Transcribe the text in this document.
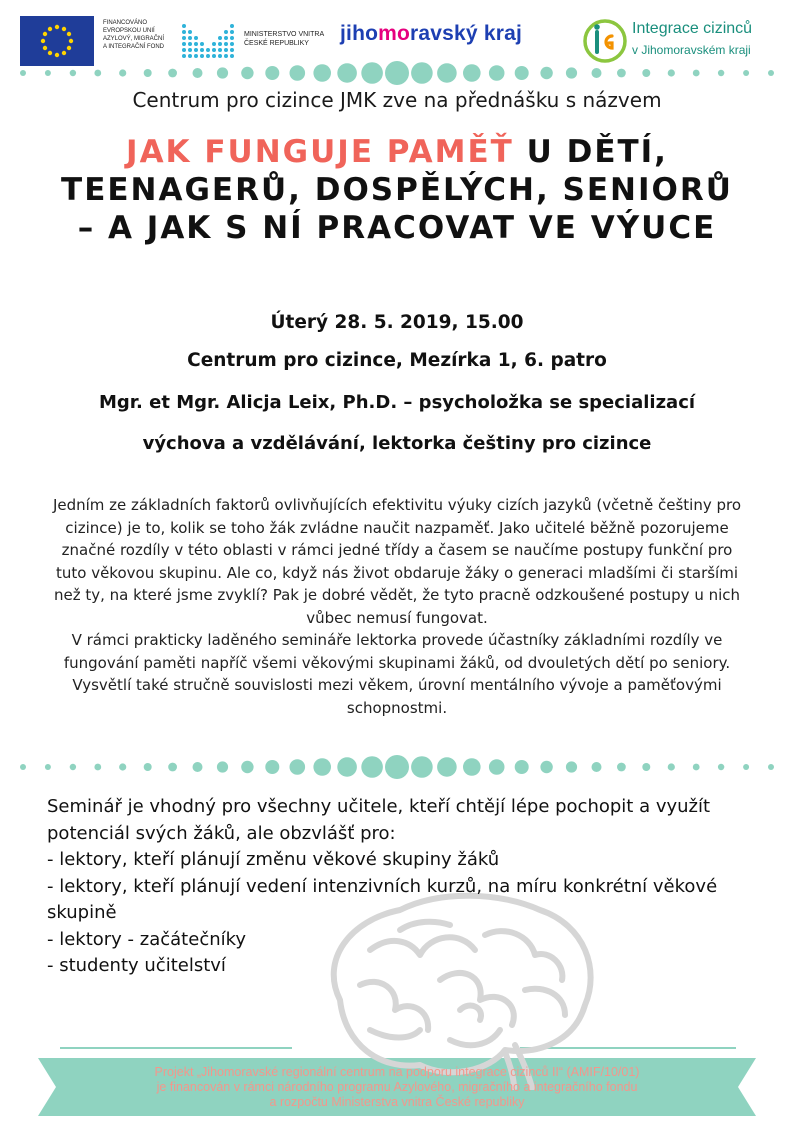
FINANCOVÁNO
EVROPSKOU UNIÍ
AZYLOVÝ, MIGRAČNÍ
A INTEGRAČNÍ FOND
MINISTERSTVO VNITRA
ČESKÉ REPUBLIKY	jihomoravský kraj	Integrace cizinců
v Jihomoravském kraji
Centrum pro cizince JMK zve na přednášku s názvem
JAK FUNGUJE PAMĚŤ U DĚTÍ, TEENAGERŮ, DOSPĚLÝCH, SENIORŮ – A JAK S NÍ PRACOVAT VE VÝUCE
Úterý 28. 5. 2019, 15.00
Centrum pro cizince, Mezírka 1, 6. patro
Mgr. et Mgr. Alicja Leix, Ph.D. – psycholožka se specializací
výchova a vzdělávání, lektorka češtiny pro cizince

Jedním ze základních faktorů ovlivňujících efektivitu výuky cizích jazyků (včetně češtiny pro cizince) je to, kolik se toho žák zvládne naučit nazpaměť. Jako učitelé běžně pozorujeme značné rozdíly v této oblasti v rámci jedné třídy a časem se naučíme postupy funkční pro tuto věkovou skupinu. Ale co, když nás život obdaruje žáky o generaci mladšími či staršími než ty, na které jsme zvyklí? Pak je dobré vědět, že tyto pracně odzkoušené postupy u nich vůbec nemusí fungovat.

V rámci prakticky laděného semináře lektorka provede účastníky základními rozdíly ve fungování paměti napříč všemi věkovými skupinami žáků, od dvouletých dětí po seniory. Vysvětlí také stručně souvislosti mezi věkem, úrovní mentálního vývoje a paměťovými schopnostmi.

Seminář je vhodný pro všechny učitele, kteří chtějí lépe pochopit a využít potenciál svých žáků, ale obzvlášť pro:
- lektory, kteří plánují změnu věkové skupiny žáků
- lektory, kteří plánují vedení intenzivních kurzů, na míru konkrétní věkové skupině
- lektory - začátečníky
- studenty učitelství
Projekt „Jihomoravské regionální centrum na podporu integrace cizinců II“ (AMIF/10/01)
je financován v rámci národního programu Azylového, migračního a integračního fondu
a rozpočtu Ministerstva vnitra České republiky
